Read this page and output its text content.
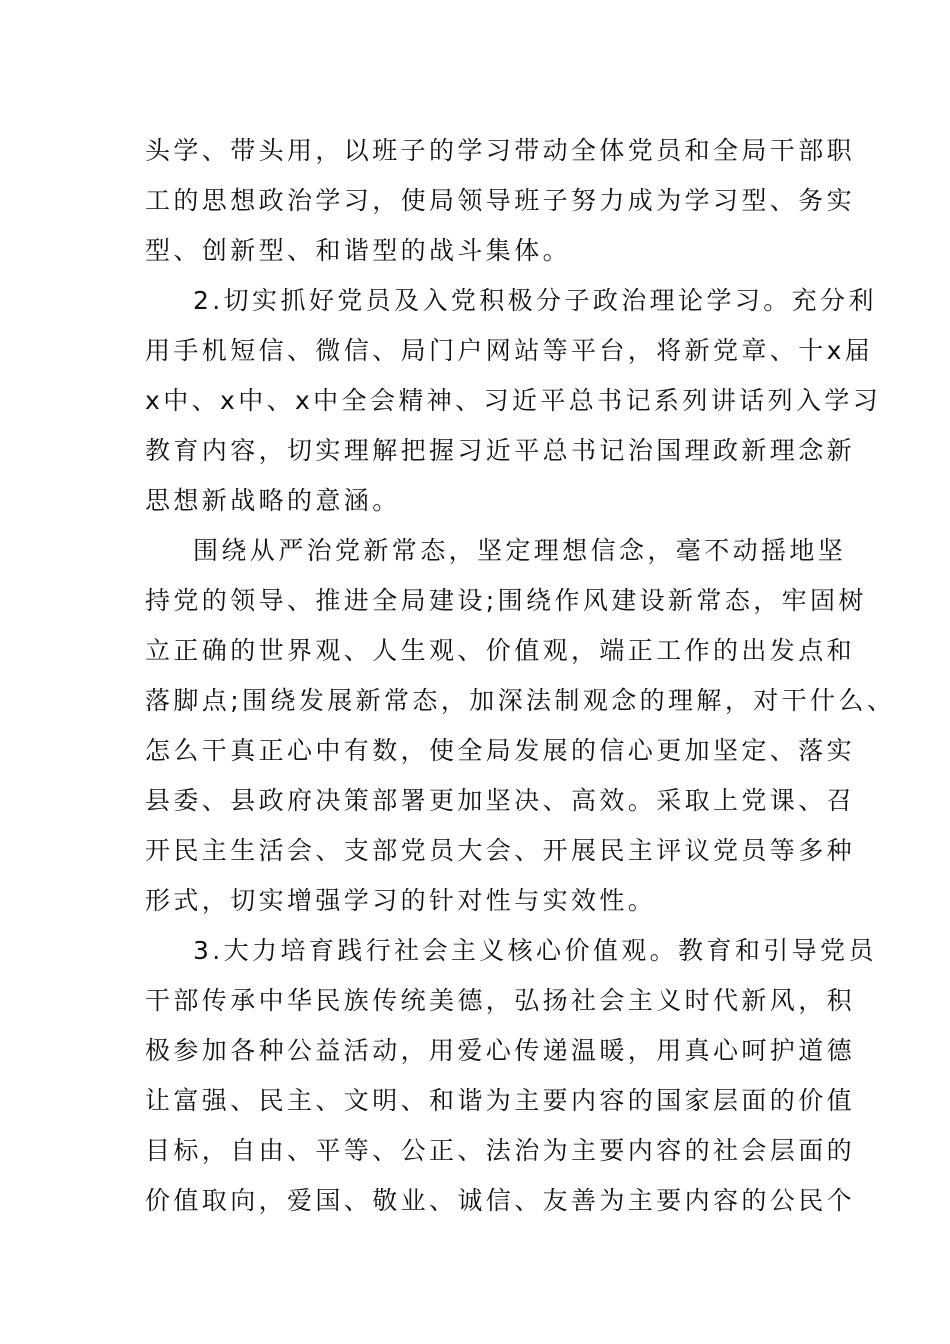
头学、带头用，以班子的学习带动全体党员和全局干部职
工的思想政治学习，使局领导班子努力成为学习型、务实
型、创新型、和谐型的战斗集体。
2.切实抓好党员及入党积极分子政治理论学习。充分利
用手机短信、微信、局门户网站等平台，将新党章、十x届
x中、x中、x中全会精神、习近平总书记系列讲话列入学习
教育内容，切实理解把握习近平总书记治国理政新理念新
思想新战略的意涵。
围绕从严治党新常态，坚定理想信念，毫不动摇地坚
持党的领导、推进全局建设;围绕作风建设新常态，牢固树
立正确的世界观、人生观、价值观，端正工作的出发点和
落脚点;围绕发展新常态，加深法制观念的理解，对干什么、
怎么干真正心中有数，使全局发展的信心更加坚定、落实
县委、县政府决策部署更加坚决、高效。采取上党课、召
开民主生活会、支部党员大会、开展民主评议党员等多种
形式，切实增强学习的针对性与实效性。
3.大力培育践行社会主义核心价值观。教育和引导党员
干部传承中华民族传统美德，弘扬社会主义时代新风，积
极参加各种公益活动，用爱心传递温暖，用真心呵护道德
让富强、民主、文明、和谐为主要内容的国家层面的价值
目标，自由、平等、公正、法治为主要内容的社会层面的
价值取向，爱国、敬业、诚信、友善为主要内容的公民个
